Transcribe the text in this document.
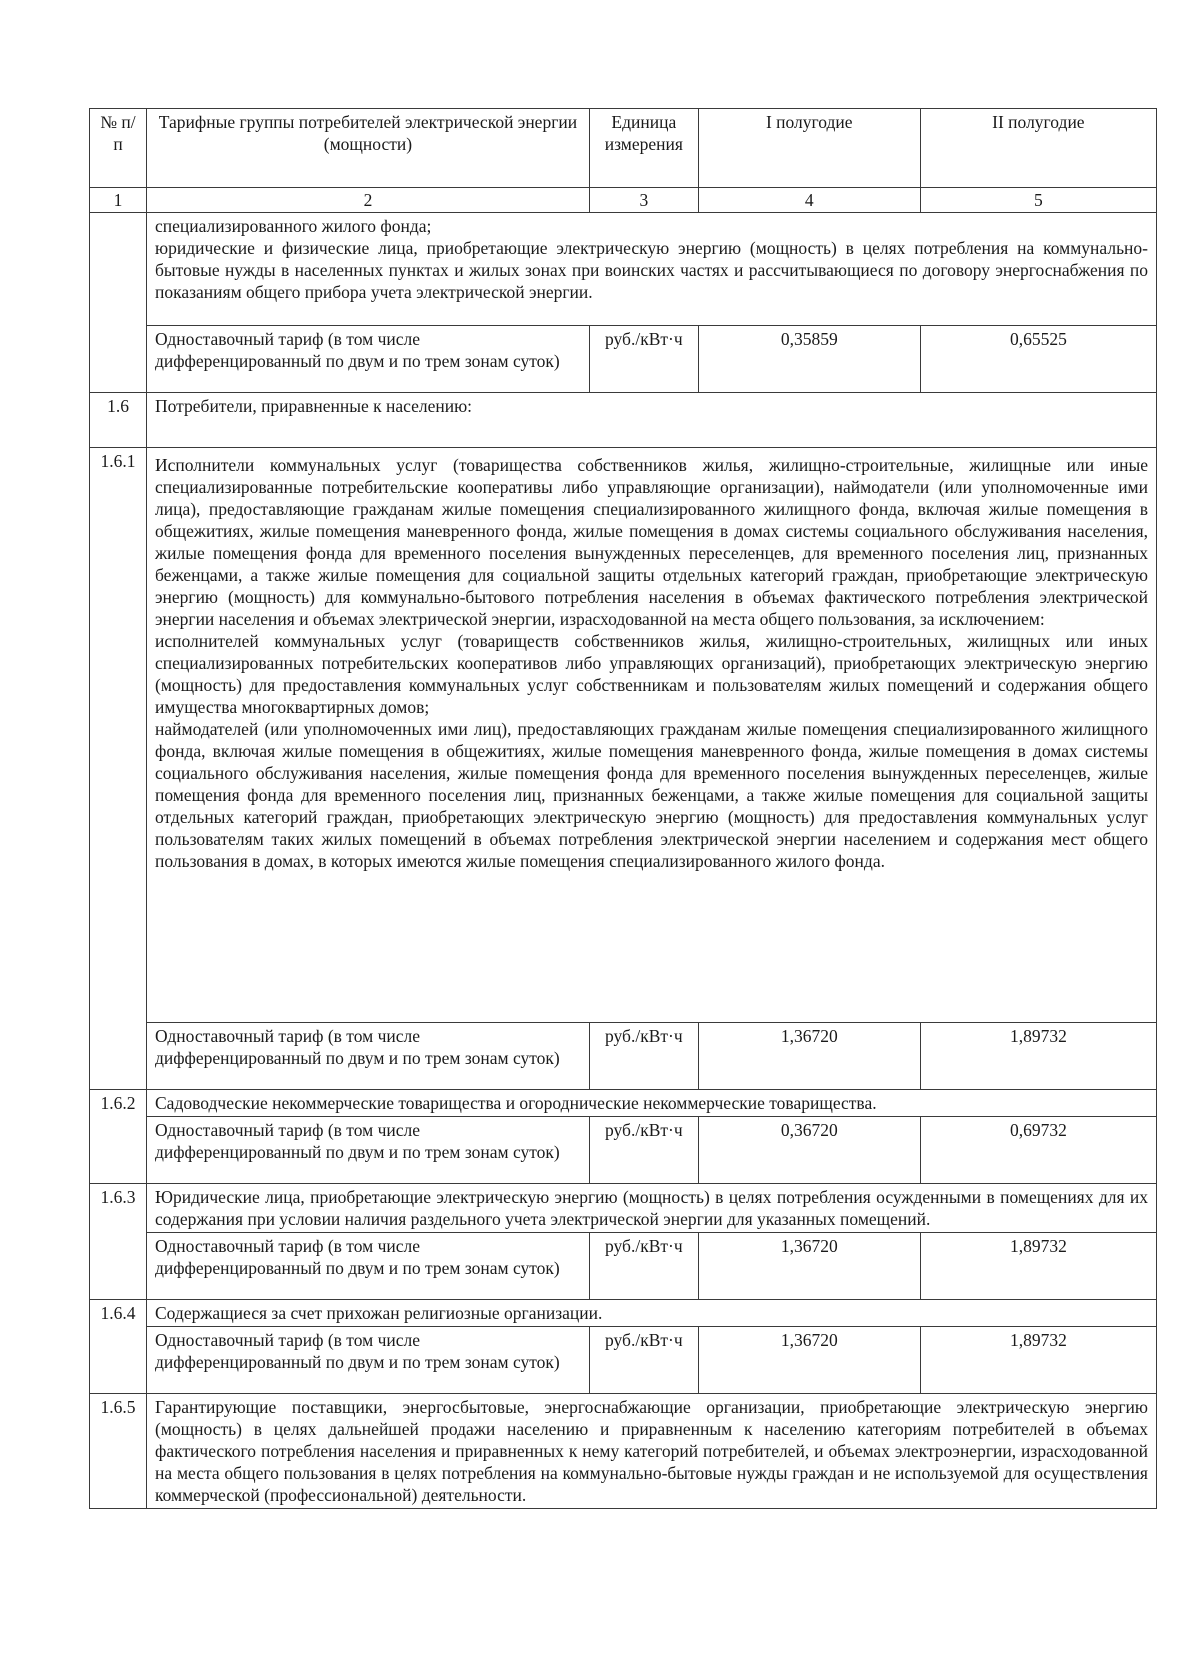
№ п/п	Тарифные группы потребителей электрической энергии (мощности)	Единица измерения	I полугодие	II полугодие
1	2	3	4	5

	специализированного жилого фонда;
юридические и физические лица, приобретающие электрическую энергию (мощность) в целях потребления на коммунально-бытовые нужды в населенных пунктах и жилых зонах при воинских частях и рассчитывающиеся по договору энергоснабжения по показаниям общего прибора учета электрической энергии.			

	Одноставочный тариф (в том числе дифференцированный по двум и по трем зонам суток)	руб./кВт·ч	0,35859	0,65525
1.6	Потребители, приравненные к населению:			
1.6.1	Исполнители коммунальных услуг (товарищества собственников жилья, жилищно-строительные, жилищные или иные специализированные потребительские кооперативы либо управляющие организации), наймодатели (или уполномоченные ими лица), предоставляющие гражданам жилые помещения специализированного жилищного фонда, включая жилые помещения в общежитиях, жилые помещения маневренного фонда, жилые помещения в домах системы социального обслуживания населения, жилые помещения фонда для временного поселения вынужденных переселенцев, для временного поселения лиц, признанных беженцами, а также жилые помещения для социальной защиты отдельных категорий граждан, приобретающие электрическую энергию (мощность) для коммунально-бытового потребления населения в объемах фактического потребления электрической энергии населения и объемах электрической энергии, израсходованной на места общего пользования, за исключением:
исполнителей коммунальных услуг (товариществ собственников жилья, жилищно-строительных, жилищных или иных специализированных потребительских кооперативов либо управляющих организаций), приобретающих электрическую энергию (мощность) для предоставления коммунальных услуг собственникам и пользователям жилых помещений и содержания общего имущества многоквартирных домов;
наймодателей (или уполномоченных ими лиц), предоставляющих гражданам жилые помещения специализированного жилищного фонда, включая жилые помещения в общежитиях, жилые помещения маневренного фонда, жилые помещения в домах системы социального обслуживания населения, жилые помещения фонда для временного поселения вынужденных переселенцев, жилые помещения фонда для временного поселения лиц, признанных беженцами, а также жилые помещения для социальной защиты отдельных категорий граждан, приобретающих электрическую энергию (мощность) для предоставления коммунальных услуг пользователям таких жилых помещений в объемах потребления электрической энергии населением и содержания мест общего пользования в домах, в которых имеются жилые помещения специализированного жилого фонда.			

	Одноставочный тариф (в том числе дифференцированный по двум и по трем зонам суток)	руб./кВт·ч	1,36720	1,89732
1.6.2	Садоводческие некоммерческие товарищества и огороднические некоммерческие товарищества.			
	Одноставочный тариф (в том числе дифференцированный по двум и по трем зонам суток)	руб./кВт·ч	0,36720	0,69732
1.6.3	Юридические лица, приобретающие электрическую энергию (мощность) в целях потребления осужденными в помещениях для их содержания при условии наличия раздельного учета электрической энергии для указанных помещений.			
	Одноставочный тариф (в том числе дифференцированный по двум и по трем зонам суток)	руб./кВт·ч	1,36720	1,89732
1.6.4	Содержащиеся за счет прихожан религиозные организации.			
	Одноставочный тариф (в том числе дифференцированный по двум и по трем зонам суток)	руб./кВт·ч	1,36720	1,89732
1.6.5	Гарантирующие поставщики, энергосбытовые, энергоснабжающие организации, приобретающие электрическую энергию (мощность) в целях дальнейшей продажи населению и приравненным к населению категориям потребителей в объемах фактического потребления населения и приравненных к нему категорий потребителей, и объемах электроэнергии, израсходованной на места общего пользования в целях потребления на коммунально-бытовые нужды граждан и не используемой для осуществления коммерческой (профессиональной) деятельности.			
